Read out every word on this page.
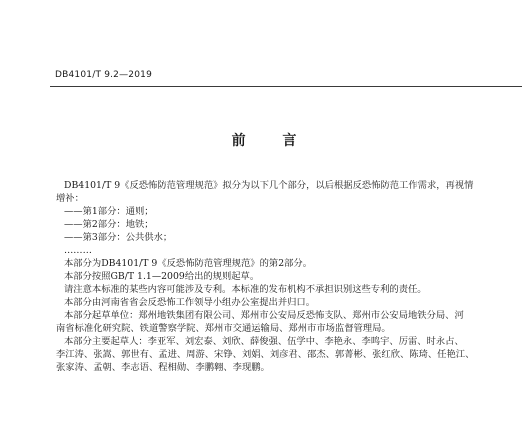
DB4101/T 9.2—2019
前 言
DB4101/T 9《反恐怖防范管理规范》拟分为以下几个部分，以后根据反恐怖防范工作需求，再视情
增补：
——第1部分：通则；
——第2部分：地铁；
——第3部分：公共供水；
………
本部分为DB4101/T 9《反恐怖防范管理规范》的第2部分。
本部分按照GB/T 1.1—2009给出的规则起草。
请注意本标准的某些内容可能涉及专利。本标准的发布机构不承担识别这些专利的责任。
本部分由河南省省会反恐怖工作领导小组办公室提出并归口。
本部分起草单位：郑州地铁集团有限公司、郑州市公安局反恐怖支队、郑州市公安局地铁分局、河
南省标准化研究院、铁道警察学院、郑州市交通运输局、郑州市市场监督管理局。
本部分主要起草人：李亚军、刘宏泰、刘欣、薛俊强、伍学中、李艳永、李鸣宇、厉雷、时永占、
李江涛、张嵩、郭世有、孟进、周游、宋铮、刘娟、刘彦君、邵杰、郭菁彬、张红欣、陈琦、任艳江、
张家涛、孟朝、李志语、程相勋、李鹏翱、李现鹏。
